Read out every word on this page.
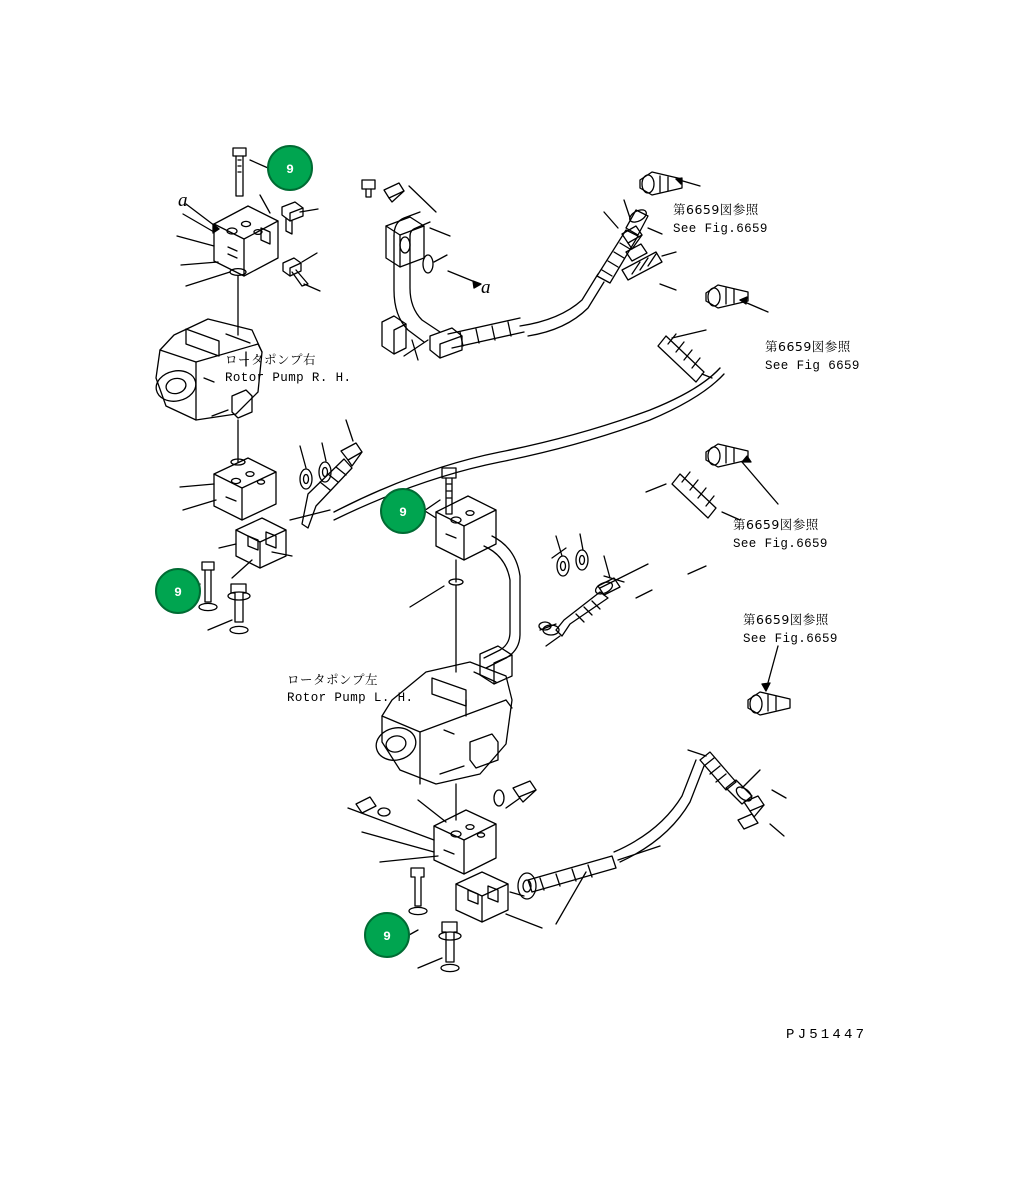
9
9
9
9
ロータポンプ右
Rotor Pump R. H.
ロータポンプ左
Rotor Pump L. H.
第6659図参照
See Fig.6659
第6659図参照
See Fig 6659
第6659図参照
See Fig.6659
第6659図参照
See Fig.6659
a
a
PJ51447
